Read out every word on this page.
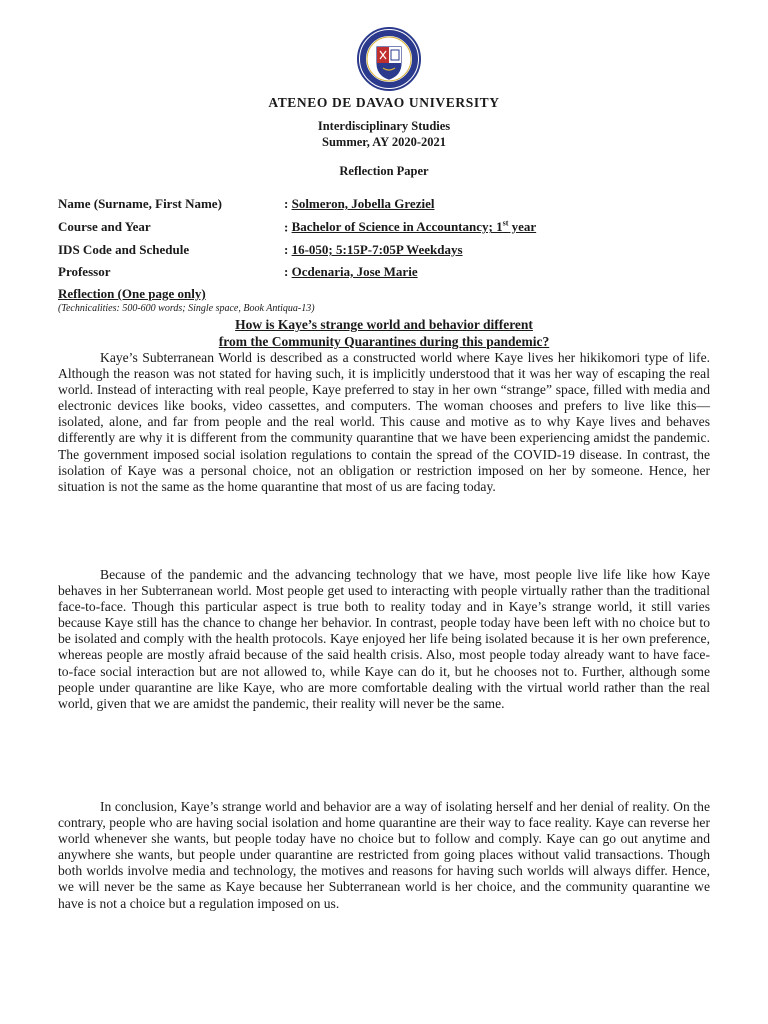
ATENEO DE DAVAO UNIVERSITY
Interdisciplinary Studies
Summer, AY 2020-2021
Reflection Paper
Name (Surname, First Name)	: Solmeron, Jobella Greziel
Course and Year	: Bachelor of Science in Accountancy; 1st year
IDS Code and Schedule	: 16-050; 5:15P-7:05P Weekdays
Professor	: Ocdenaria, Jose Marie
Reflection (One page only)
(Technicalities: 500-600 words; Single space, Book Antiqua-13)
How is Kaye’s strange world and behavior different
from the Community Quarantines during this pandemic?

Kaye’s Subterranean World is described as a constructed world where Kaye lives her hikikomori type of life. Although the reason was not stated for having such, it is implicitly understood that it was her way of escaping the real world. Instead of interacting with real people, Kaye preferred to stay in her own “strange” space, filled with media and electronic devices like books, video cassettes, and computers. The woman chooses and prefers to live like this—isolated, alone, and far from people and the real world. This cause and motive as to why Kaye lives and behaves differently are why it is different from the community quarantine that we have been experiencing amidst the pandemic. The government imposed social isolation regulations to contain the spread of the COVID-19 disease. In contrast, the isolation of Kaye was a personal choice, not an obligation or restriction imposed on her by someone. Hence, her situation is not the same as the home quarantine that most of us are facing today.

Because of the pandemic and the advancing technology that we have, most people live life like how Kaye behaves in her Subterranean world. Most people get used to interacting with people virtually rather than the traditional face-to-face. Though this particular aspect is true both to reality today and in Kaye’s strange world, it still varies because Kaye still has the chance to change her behavior. In contrast, people today have been left with no choice but to be isolated and comply with the health protocols. Kaye enjoyed her life being isolated because it is her own preference, whereas people are mostly afraid because of the said health crisis. Also, most people today already want to have face-to-face social interaction but are not allowed to, while Kaye can do it, but he chooses not to. Further, although some people under quarantine are like Kaye, who are more comfortable dealing with the virtual world rather than the real world, given that we are amidst the pandemic, their reality will never be the same.

In conclusion, Kaye’s strange world and behavior are a way of isolating herself and her denial of reality. On the contrary, people who are having social isolation and home quarantine are their way to face reality. Kaye can reverse her world whenever she wants, but people today have no choice but to follow and comply. Kaye can go out anytime and anywhere she wants, but people under quarantine are restricted from going places without valid transactions. Though both worlds involve media and technology, the motives and reasons for having such worlds will always differ. Hence, we will never be the same as Kaye because her Subterranean world is her choice, and the community quarantine we have is not a choice but a regulation imposed on us.
